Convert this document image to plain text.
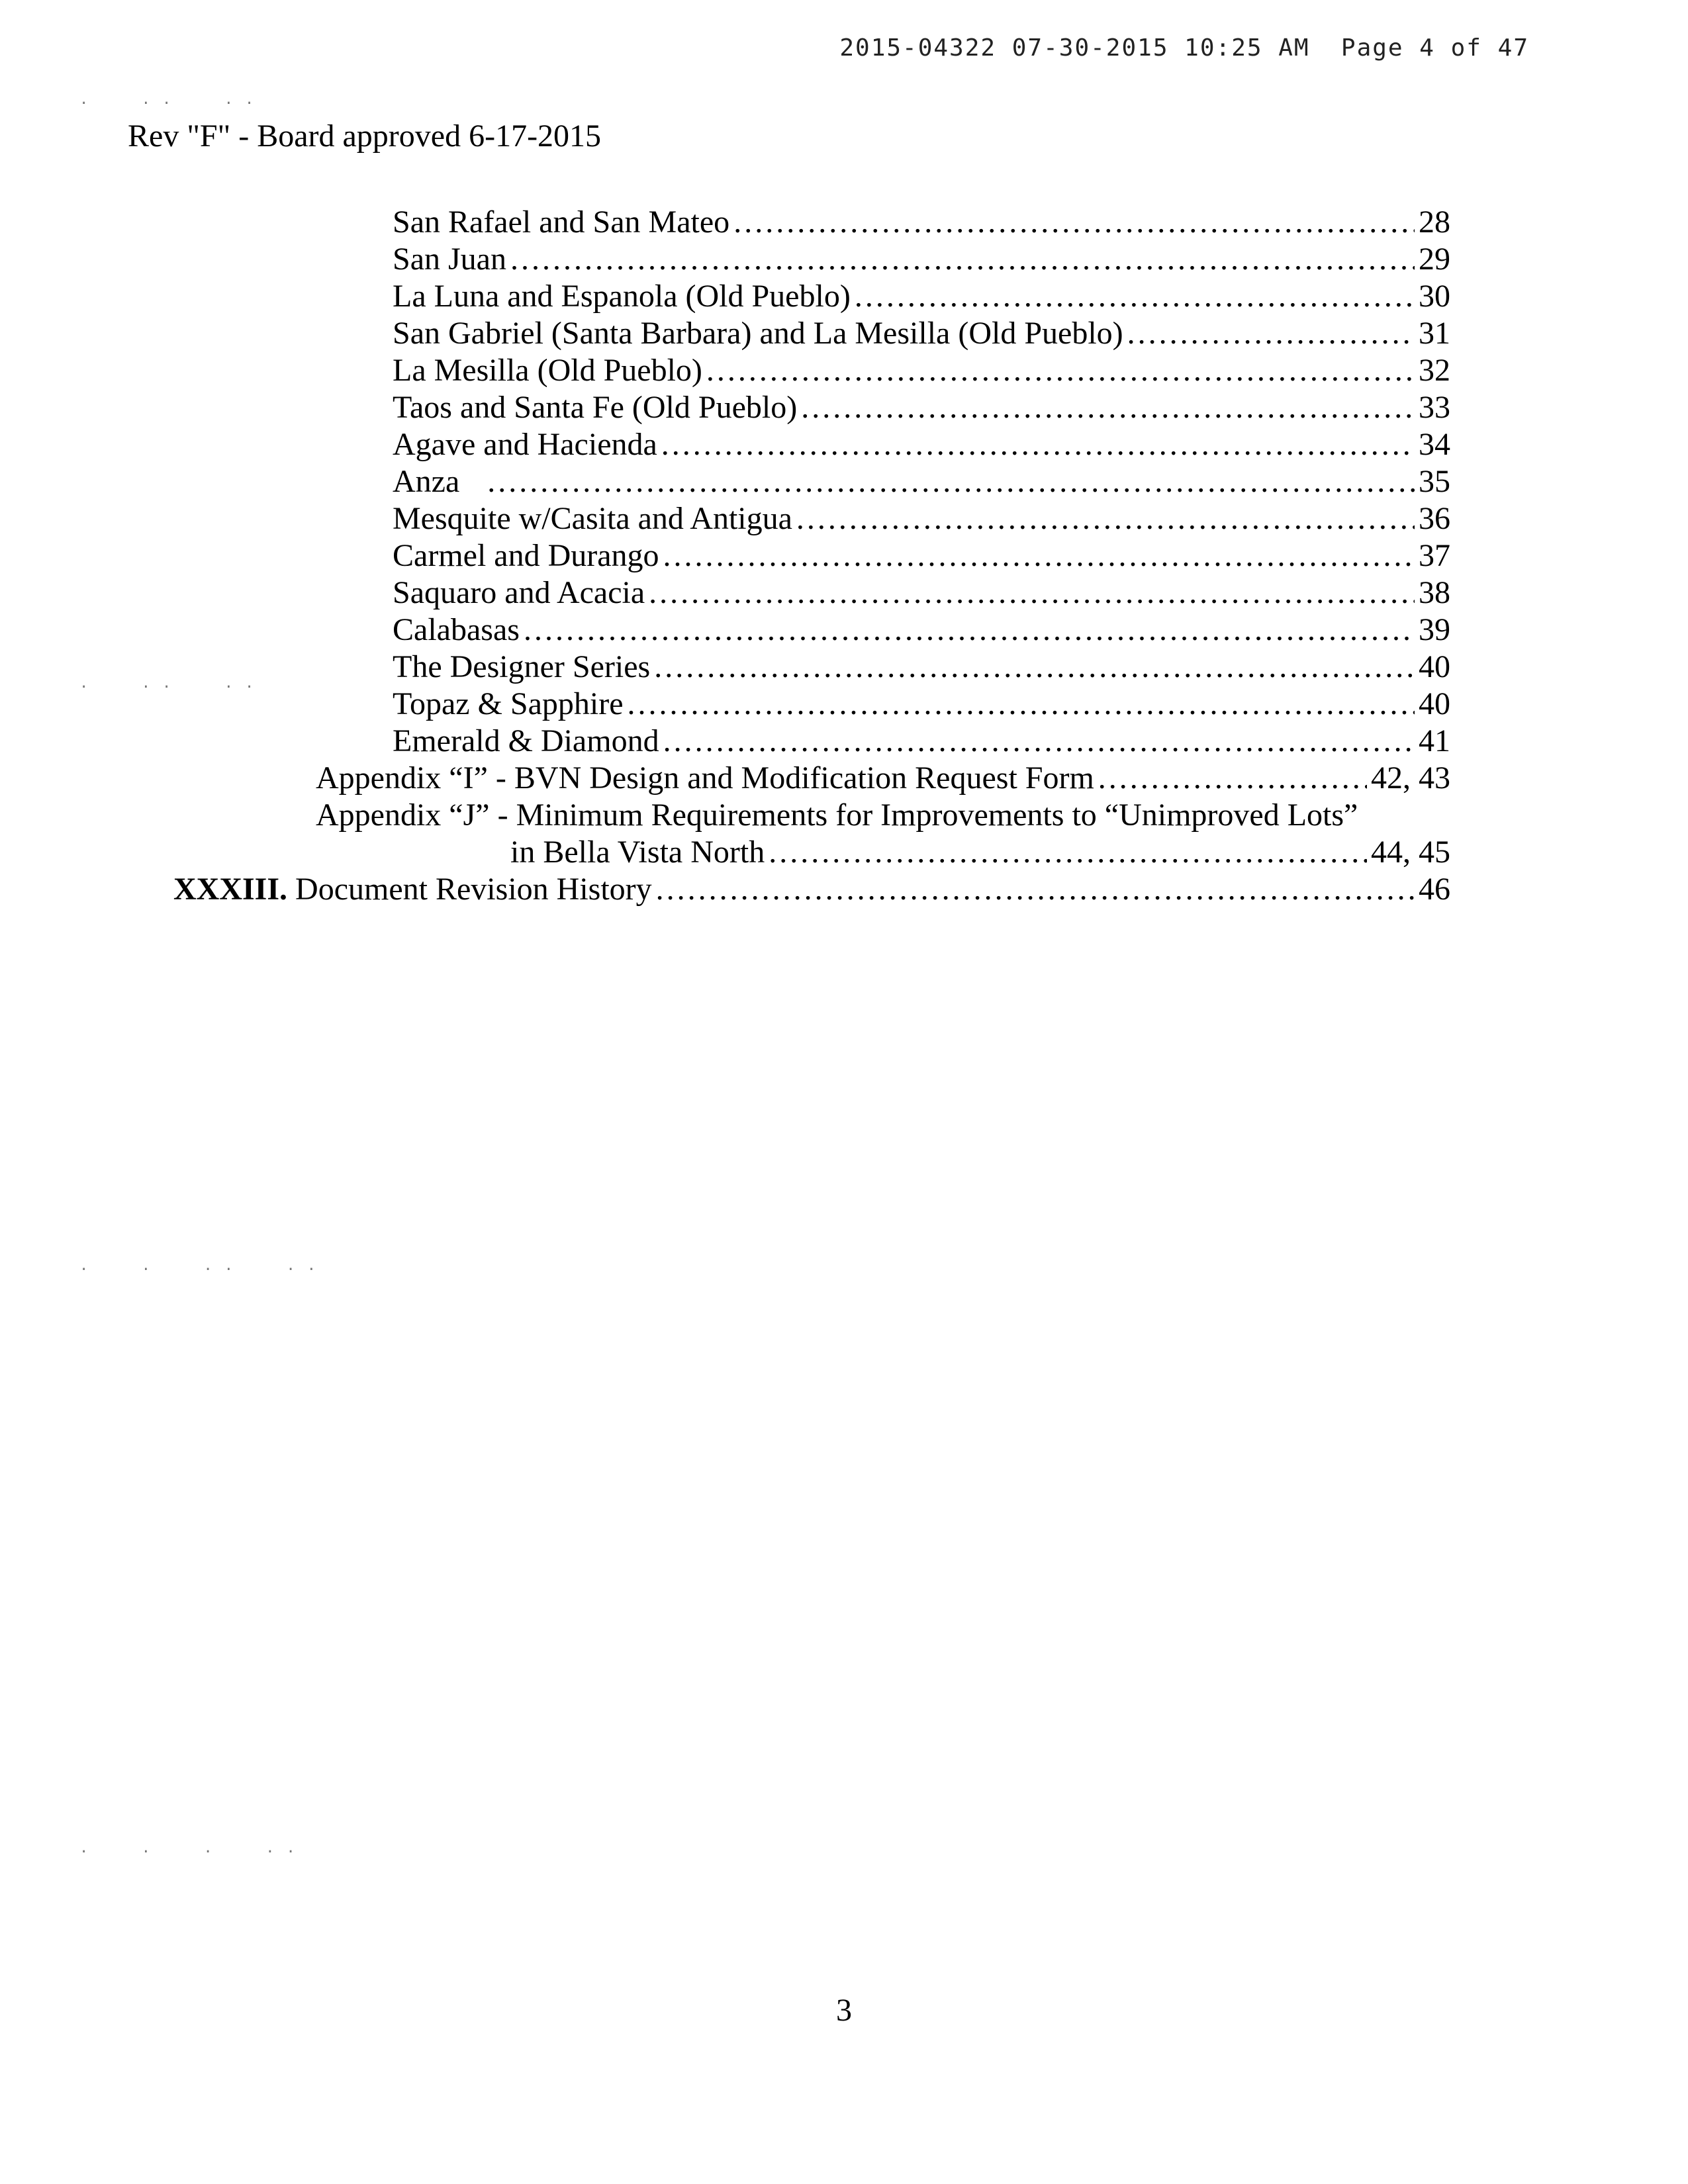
2015-04322 07-30-2015 10:25 AM  Page 4 of 47
.  ..  ..
.  ..  ..
.  .  ..  ..
.  .  .  ..
Rev "F" - Board approved 6-17-2015
San Rafael and San Mateo .....	28
San Juan .....	29
La Luna and Espanola (Old Pueblo) .....	30
San Gabriel (Santa Barbara) and La Mesilla (Old Pueblo) .....	31
La Mesilla (Old Pueblo) .....	32
Taos and Santa Fe (Old Pueblo) .....	33
Agave and Hacienda .....	34
Anza .....	35
Mesquite w/Casita and Antigua .....	36
Carmel and Durango .....	37
Saquaro and Acacia .....	38
Calabasas .....	39
The Designer Series .....	40
Topaz & Sapphire .....	40
Emerald & Diamond .....	41
Appendix “I” - BVN Design and Modification Request Form .....	42, 43
Appendix “J” - Minimum Requirements for Improvements to “Unimproved Lots”
in Bella Vista North .....	44, 45
XXXIII. Document Revision History .....	46
3
